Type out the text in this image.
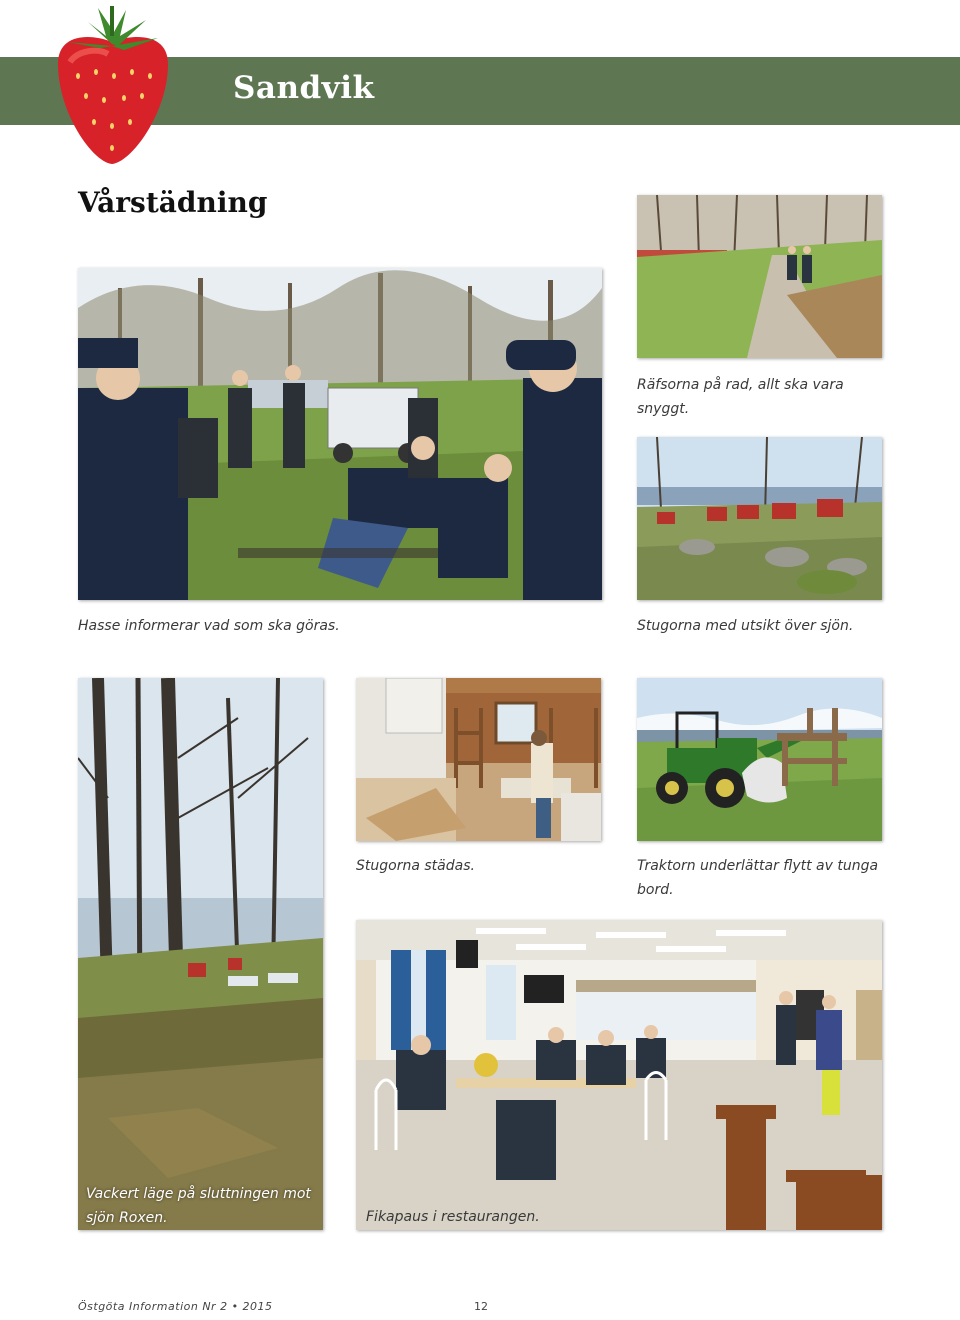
Sandvik
Vårstädning
Hasse informerar vad som ska göras.
Räfsorna på rad, allt ska vara snyggt.
Stugorna med utsikt över sjön.
Vackert läge på sluttningen mot sjön Roxen.
Stugorna städas.	Traktorn underlättar flytt av tunga bord.
Fikapaus i restaurangen.
Östgöta Information Nr 2 • 2015	12
